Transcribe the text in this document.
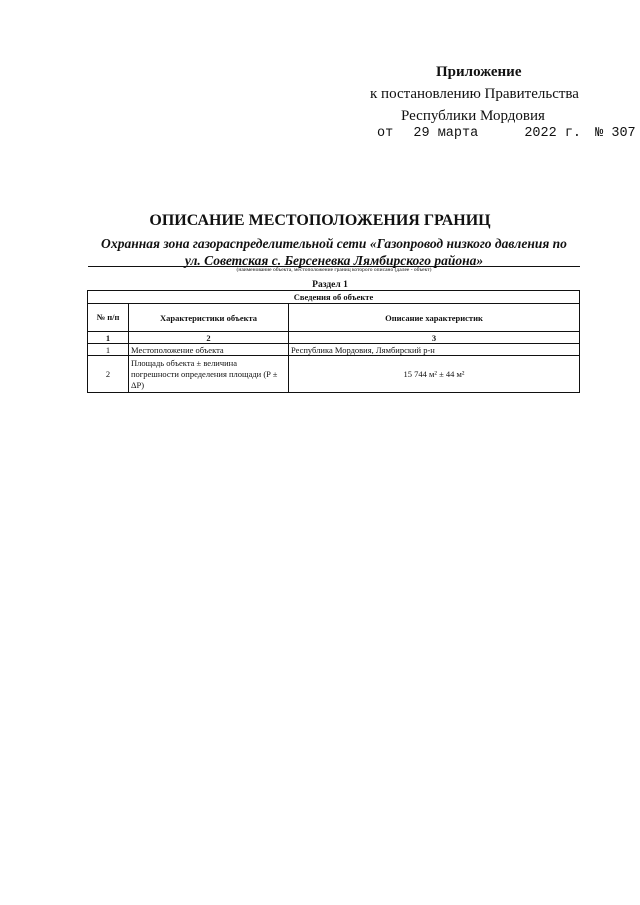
Приложение
к постановлению Правительства
Республики Мордовия
от 29 марта	2022 г. № 307
ОПИСАНИЕ МЕСТОПОЛОЖЕНИЯ ГРАНИЦ
Охранная зона газораспределительной сети «Газопровод низкого давления по
ул. Советская с. Берсеневка Лямбирского района»
(наименование объекта, местоположение границ которого описано (далее - объект)
Раздел 1
Сведения об объекте		
№ п/п	Характеристики объекта	Описание характеристик
1	2	3
1	Местоположение объекта	Республика Мордовия, Лямбирский р-н
2	Площадь объекта ± величина погрешности определения площади (P ± ΔP)	15 744 м² ± 44 м²
